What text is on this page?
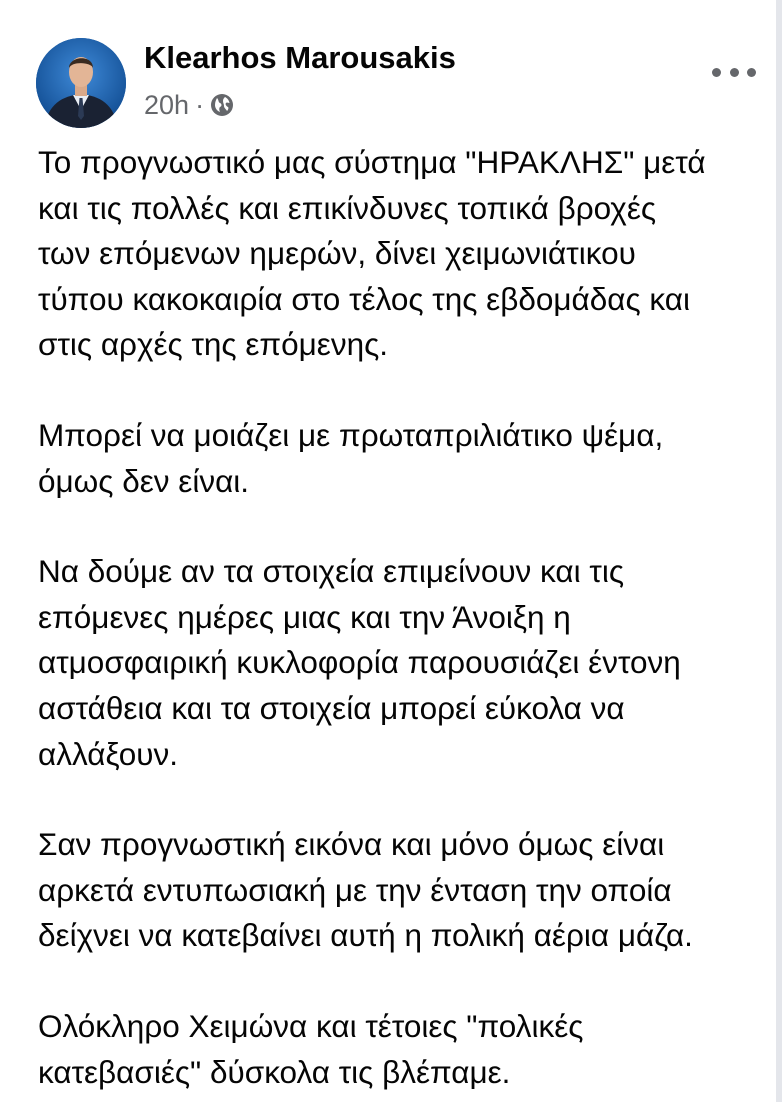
Klearhos Marousakis
20h ·
Το προγνωστικό μας σύστημα "ΗΡΑΚΛΗΣ" μετά
και τις πολλές και επικίνδυνες τοπικά βροχές
των επόμενων ημερών, δίνει χειμωνιάτικου
τύπου κακοκαιρία στο τέλος της εβδομάδας και
στις αρχές της επόμενης.
Μπορεί να μοιάζει με πρωταπριλιάτικο ψέμα,
όμως δεν είναι.
Να δούμε αν τα στοιχεία επιμείνουν και τις
επόμενες ημέρες μιας και την Άνοιξη η
ατμοσφαιρική κυκλοφορία παρουσιάζει έντονη
αστάθεια και τα στοιχεία μπορεί εύκολα να
αλλάξουν.
Σαν προγνωστική εικόνα και μόνο όμως είναι
αρκετά εντυπωσιακή με την ένταση την οποία
δείχνει να κατεβαίνει αυτή η πολική αέρια μάζα.
Ολόκληρο Χειμώνα και τέτοιες "πολικές
κατεβασιές" δύσκολα τις βλέπαμε.
